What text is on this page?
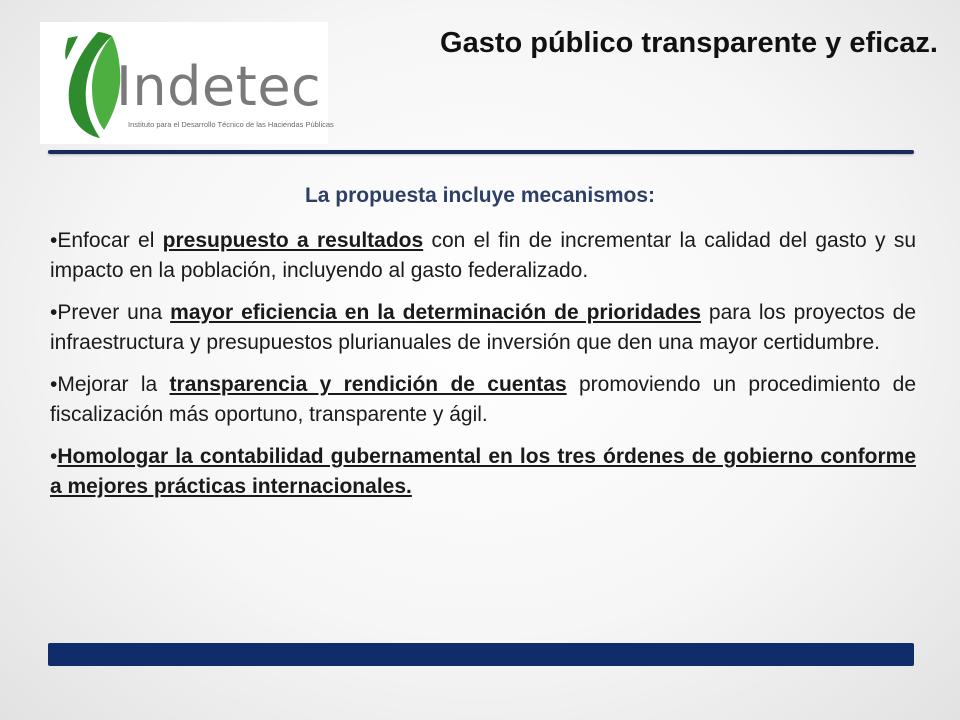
Indetec
Instituto para el Desarrollo Técnico de las Haciendas Públicas
Gasto público transparente y eficaz.
La propuesta incluye mecanismos:

•Enfocar el presupuesto a resultados con el fin de incrementar la calidad del gasto y su impacto en la población, incluyendo al gasto federalizado.

•Prever una mayor eficiencia en la determinación de prioridades para los proyectos de infraestructura y presupuestos plurianuales de inversión que den una mayor certidumbre.

•Mejorar la transparencia y rendición de cuentas promoviendo un procedimiento de fiscalización más oportuno, transparente y ágil.

•Homologar la contabilidad gubernamental en los tres órdenes de gobierno conforme a mejores prácticas internacionales.
